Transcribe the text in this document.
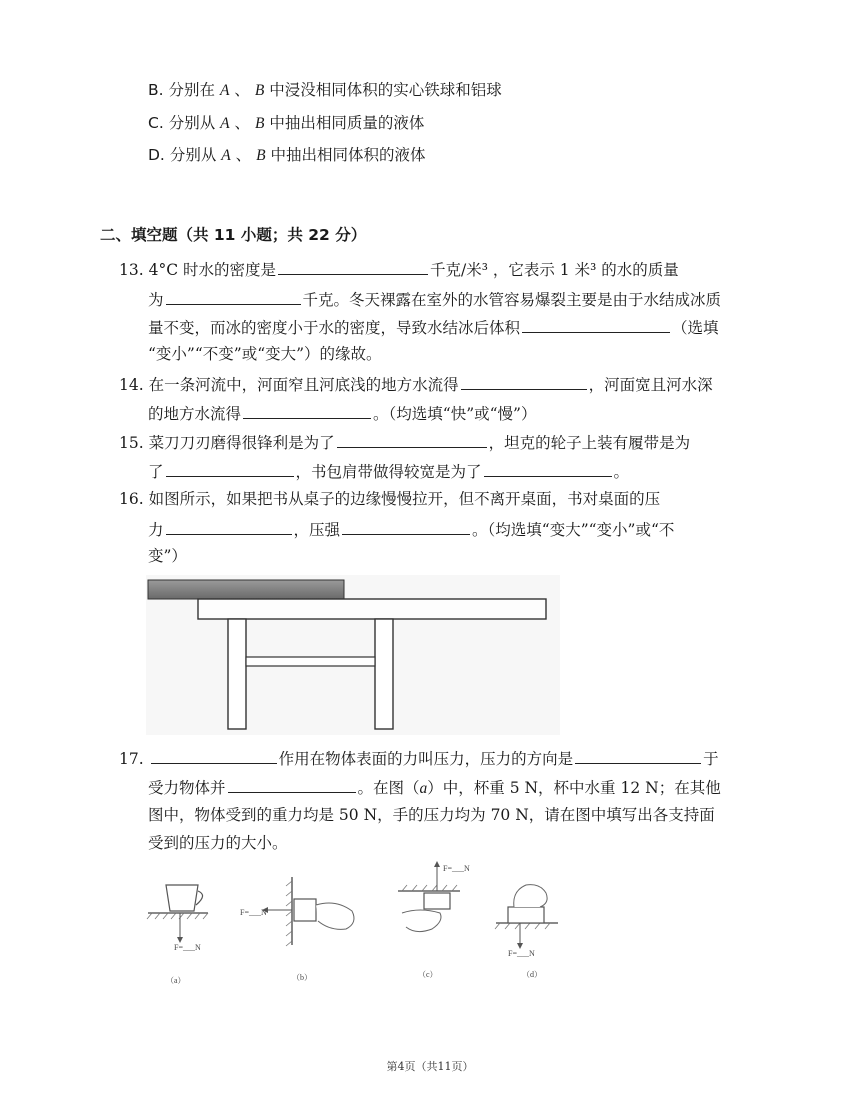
B. 分别在 A 、 B 中浸没相同体积的实心铁球和铝球
C. 分别从 A 、 B 中抽出相同质量的液体
D. 分别从 A 、 B 中抽出相同体积的液体
二、填空题（共 11 小题；共 22 分）
13. 4°C 时水的密度是	千克/米³ ，它表示 1 米³ 的水的质量
为	千克。冬天裸露在室外的水管容易爆裂主要是由于水结成冰质
量不变，而冰的密度小于水的密度，导致水结冰后体积	（选填
“变小”“不变”或“变大”）的缘故。
14. 在一条河流中，河面窄且河底浅的地方水流得	，河面宽且河水深
的地方水流得	。（均选填“快”或“慢”）
15. 菜刀刀刃磨得很锋利是为了	，坦克的轮子上装有履带是为
了	，书包肩带做得较宽是为了	。
16. 如图所示，如果把书从桌子的边缘慢慢拉开，但不离开桌面，书对桌面的压
力	，压强	。（均选填“变大”“变小”或“不
变”）
17.	作用在物体表面的力叫压力，压力的方向是	于
受力物体并	。在图（a）中，杯重 5 N，杯中水重 12 N；在其他
图中，物体受到的重力均是 50 N，手的压力均为 70 N，请在图中填写出各支持面
受到的压力的大小。
F=___N
（a）
F=___N
（b）
F=___N
（c）
F=___N
（d）
第4页（共11页）
